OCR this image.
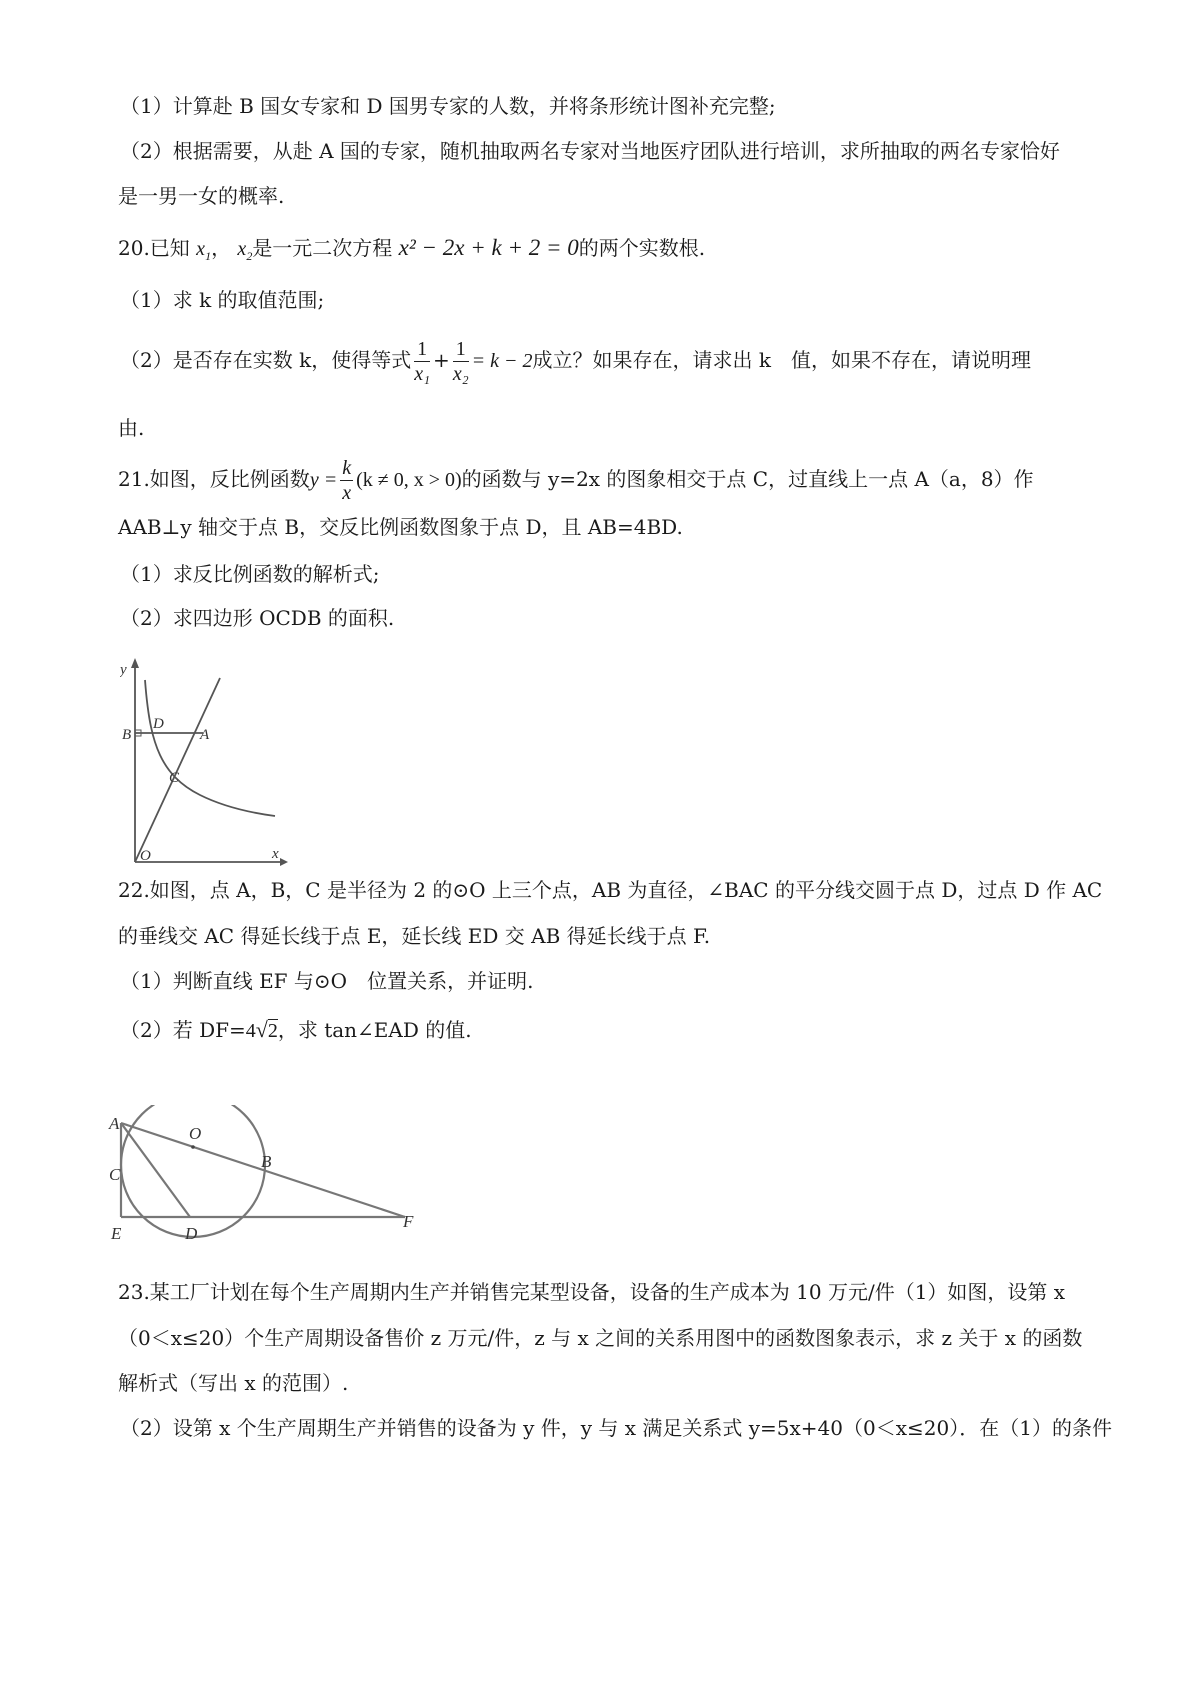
（1）计算赴 B 国女专家和 D 国男专家的人数，并将条形统计图补充完整;
（2）根据需要，从赴 A 国的专家，随机抽取两名专家对当地医疗团队进行培训，求所抽取的两名专家恰好
是一男一女的概率.
20.已知 $x_1$， $x_2$是一元二次方程 x² − 2x + k + 2 = 0的两个实数根.
（1）求 k 的取值范围;
（2）是否存在实数 k，使得等式 $\frac{1}{\text{x₁}} + \frac{1}{\text{x₂}} = k - 2$成立？如果存在，请求出 k　值，如果不存在，请说明理
由.
21.如图，反比例函数$y = \frac{k}{x} (k \ne 0$, x > 0)的函数与 y=2x 的图象相交于点 C，过直线上一点 A（a，8）作
AAB⊥y 轴交于点 B，交反比例函数图象于点 D，且 AB=4BD.
（1）求反比例函数的解析式;
（2）求四边形 OCDB 的面积.
y
x
O
B
D
A
C
22.如图，点 A，B，C 是半径为 2 的⊙O 上三个点，AB 为直径，∠BAC 的平分线交圆于点 D，过点 D 作 AC
的垂线交 AC 得延长线于点 E，延长线 ED 交 AB 得延长线于点 F.
（1）判断直线 EF 与⊙O　位置关系，并证明.
（2）若 DF=4√2，求 tan∠EAD 的值.
A
O
B
C
E	D
F
23.某工厂计划在每个生产周期内生产并销售完某型设备，设备的生产成本为 10 万元/件（1）如图，设第 x
（0＜x≤20）个生产周期设备售价 z 万元/件，z 与 x 之间的关系用图中的函数图象表示，求 z 关于 x 的函数
解析式（写出 x 的范围）.
（2）设第 x 个生产周期生产并销售的设备为 y 件，y 与 x 满足关系式 y=5x+40（0＜x≤20）．在（1）的条件
